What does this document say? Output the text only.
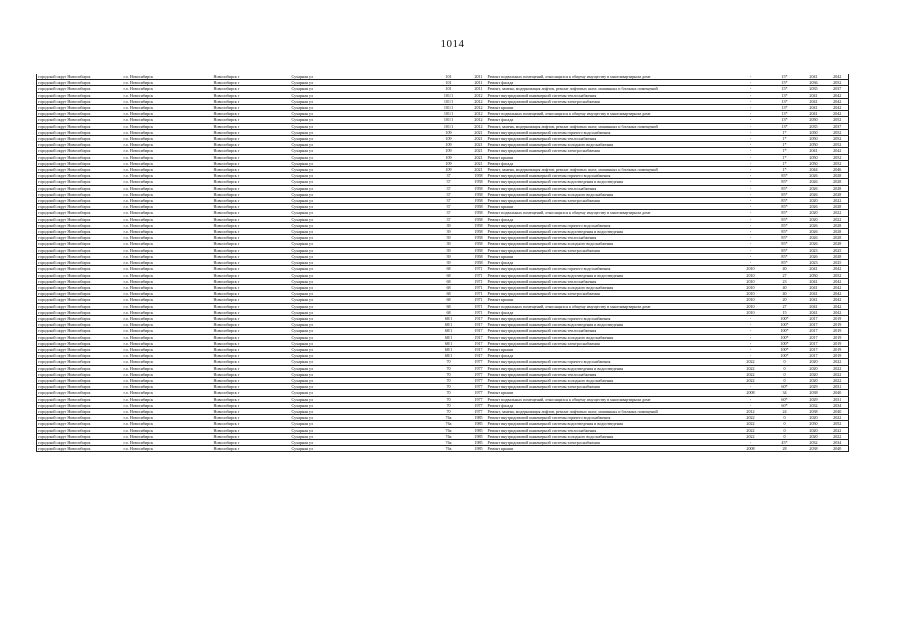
1014
городской округ Новосибирск	г.о. Новосибирск	Новосибирск г	Сухарная ул	101	2011	Ремонт подвальных помещений, относящихся к общему имуществу в многоквартирном доме	-	15*	2041	2042
городской округ Новосибирск	г.о. Новосибирск	Новосибирск г	Сухарная ул	101	2011	Ремонт фасада	-	15*	2036	2052
городской округ Новосибирск	г.о. Новосибирск	Новосибирск г	Сухарная ул	101	2011	Ремонт, замена, модернизация лифтов, ремонт лифтовых шахт, машинных и блочных помещений	-	15*	2035	2037
городской округ Новосибирск	г.о. Новосибирск	Новосибирск г	Сухарная ул	101/1	2012	Ремонт внутридомовой инженерной системы теплоснабжения	-	13*	2041	2042
городской округ Новосибирск	г.о. Новосибирск	Новосибирск г	Сухарная ул	101/1	2012	Ремонт внутридомовой инженерной системы электроснабжения	-	13*	2041	2042
городской округ Новосибирск	г.о. Новосибирск	Новосибирск г	Сухарная ул	101/1	2012	Ремонт крыши	-	13*	2041	2042
городской округ Новосибирск	г.о. Новосибирск	Новосибирск г	Сухарная ул	101/1	2012	Ремонт подвальных помещений, относящихся к общему имуществу в многоквартирном доме	-	13*	2041	2042
городской округ Новосибирск	г.о. Новосибирск	Новосибирск г	Сухарная ул	101/1	2012	Ремонт фасада	-	13*	2050	2052
городской округ Новосибирск	г.о. Новосибирск	Новосибирск г	Сухарная ул	101/1	2012	Ремонт, замена, модернизация лифтов, ремонт лифтовых шахт, машинных и блочных помещений	-	13*	2035	2037
городской округ Новосибирск	г.о. Новосибирск	Новосибирск г	Сухарная ул	109	2021	Ремонт внутридомовой инженерной системы горячего водоснабжения	-	1*	2050	2052
городской округ Новосибирск	г.о. Новосибирск	Новосибирск г	Сухарная ул	109	2021	Ремонт внутридомовой инженерной системы теплоснабжения	-	1*	2050	2052
городской округ Новосибирск	г.о. Новосибирск	Новосибирск г	Сухарная ул	109	2021	Ремонт внутридомовой инженерной системы холодного водоснабжения	-	1*	2050	2052
городской округ Новосибирск	г.о. Новосибирск	Новосибирск г	Сухарная ул	109	2021	Ремонт внутридомовой инженерной системы электроснабжения	-	1*	2041	2042
городской округ Новосибирск	г.о. Новосибирск	Новосибирск г	Сухарная ул	109	2021	Ремонт крыши	-	1*	2050	2052
городской округ Новосибирск	г.о. Новосибирск	Новосибирск г	Сухарная ул	109	2021	Ремонт фасада	-	1*	2050	2052
городской округ Новосибирск	г.о. Новосибирск	Новосибирск г	Сухарная ул	109	2021	Ремонт, замена, модернизация лифтов, ремонт лифтовых шахт, машинных и блочных помещений	-	1*	2044	2046
городской округ Новосибирск	г.о. Новосибирск	Новосибирск г	Сухарная ул	37	1958	Ремонт внутридомовой инженерной системы горячего водоснабжения	-	85*	2026	2028
городской округ Новосибирск	г.о. Новосибирск	Новосибирск г	Сухарная ул	37	1958	Ремонт внутридомовой инженерной системы водоотведения и водоотведения	-	85*	2026	2028
городской округ Новосибирск	г.о. Новосибирск	Новосибирск г	Сухарная ул	37	1958	Ремонт внутридомовой инженерной системы теплоснабжения	-	85*	2026	2028
городской округ Новосибирск	г.о. Новосибирск	Новосибирск г	Сухарная ул	37	1958	Ремонт внутридомовой инженерной системы холодного водоснабжения	-	85*	2026	2028
городской округ Новосибирск	г.о. Новосибирск	Новосибирск г	Сухарная ул	37	1958	Ремонт внутридомовой инженерной системы электроснабжения	-	85*	2020	2022
городской округ Новосибирск	г.о. Новосибирск	Новосибирск г	Сухарная ул	37	1958	Ремонт крыши	-	85*	2026	2028
городской округ Новосибирск	г.о. Новосибирск	Новосибирск г	Сухарная ул	37	1958	Ремонт подвальных помещений, относящихся к общему имуществу в многоквартирном доме	-	85*	2020	2022
городской округ Новосибирск	г.о. Новосибирск	Новосибирск г	Сухарная ул	37	1958	Ремонт фасада	-	85*	2020	2022
городской округ Новосибирск	г.о. Новосибирск	Новосибирск г	Сухарная ул	39	1958	Ремонт внутридомовой инженерной системы горячего водоснабжения	-	85*	2026	2028
городской округ Новосибирск	г.о. Новосибирск	Новосибирск г	Сухарная ул	39	1958	Ремонт внутридомовой инженерной системы водоотведения и водоотведения	-	85*	2026	2028
городской округ Новосибирск	г.о. Новосибирск	Новосибирск г	Сухарная ул	39	1958	Ремонт внутридомовой инженерной системы теплоснабжения	-	85*	2026	2028
городской округ Новосибирск	г.о. Новосибирск	Новосибирск г	Сухарная ул	39	1958	Ремонт внутридомовой инженерной системы холодного водоснабжения	-	85*	2026	2028
городской округ Новосибирск	г.о. Новосибирск	Новосибирск г	Сухарная ул	39	1958	Ремонт внутридомовой инженерной системы электроснабжения	-	85*	2023	2025
городской округ Новосибирск	г.о. Новосибирск	Новосибирск г	Сухарная ул	39	1958	Ремонт крыши	-	85*	2026	2028
городской округ Новосибирск	г.о. Новосибирск	Новосибирск г	Сухарная ул	39	1958	Ремонт фасада	-	85*	2023	2025
городской округ Новосибирск	г.о. Новосибирск	Новосибирск г	Сухарная ул	68	1971	Ремонт внутридомовой инженерной системы горячего водоснабжения	2010	40	2041	2042
городской округ Новосибирск	г.о. Новосибирск	Новосибирск г	Сухарная ул	68	1971	Ремонт внутридомовой инженерной системы водоотведения и водоотведения	2010	27	2050	2052
городской округ Новосибирск	г.о. Новосибирск	Новосибирск г	Сухарная ул	68	1971	Ремонт внутридомовой инженерной системы теплоснабжения	2010	23	2041	2042
городской округ Новосибирск	г.о. Новосибирск	Новосибирск г	Сухарная ул	68	1971	Ремонт внутридомовой инженерной системы холодного водоснабжения	2010	40	2041	2042
городской округ Новосибирск	г.о. Новосибирск	Новосибирск г	Сухарная ул	68	1971	Ремонт внутридомовой инженерной системы электроснабжения	2010	40	2041	2042
городской округ Новосибирск	г.о. Новосибирск	Новосибирск г	Сухарная ул	68	1971	Ремонт крыши	2010	20	2041	2042
городской округ Новосибирск	г.о. Новосибирск	Новосибирск г	Сухарная ул	68	1971	Ремонт подвальных помещений, относящихся к общему имуществу в многоквартирном доме	2010	27	2041	2042
городской округ Новосибирск	г.о. Новосибирск	Новосибирск г	Сухарная ул	68	1971	Ремонт фасада	2010	15	2041	2042
городской округ Новосибирск	г.о. Новосибирск	Новосибирск г	Сухарная ул	68/1	1917	Ремонт внутридомовой инженерной системы горячего водоснабжения	-	100*	2017	2019
городской округ Новосибирск	г.о. Новосибирск	Новосибирск г	Сухарная ул	68/1	1917	Ремонт внутридомовой инженерной системы водоотведения и водоотведения	-	100*	2017	2019
городской округ Новосибирск	г.о. Новосибирск	Новосибирск г	Сухарная ул	68/1	1917	Ремонт внутридомовой инженерной системы теплоснабжения	-	100*	2017	2019
городской округ Новосибирск	г.о. Новосибирск	Новосибирск г	Сухарная ул	68/1	1917	Ремонт внутридомовой инженерной системы холодного водоснабжения	-	100*	2017	2019
городской округ Новосибирск	г.о. Новосибирск	Новосибирск г	Сухарная ул	68/1	1917	Ремонт внутридомовой инженерной системы электроснабжения	-	100*	2017	2019
городской округ Новосибирск	г.о. Новосибирск	Новосибирск г	Сухарная ул	68/1	1917	Ремонт крыши	-	100*	2017	2019
городской округ Новосибирск	г.о. Новосибирск	Новосибирск г	Сухарная ул	68/1	1917	Ремонт фасада	-	100*	2017	2019
городской округ Новосибирск	г.о. Новосибирск	Новосибирск г	Сухарная ул	70	1977	Ремонт внутридомовой инженерной системы горячего водоснабжения	2022	0	2020	2022
городской округ Новосибирск	г.о. Новосибирск	Новосибирск г	Сухарная ул	70	1977	Ремонт внутридомовой инженерной системы водоотведения и водоотведения	2022	0	2020	2022
городской округ Новосибирск	г.о. Новосибирск	Новосибирск г	Сухарная ул	70	1977	Ремонт внутридомовой инженерной системы теплоснабжения	2022	0	2020	2022
городской округ Новосибирск	г.о. Новосибирск	Новосибирск г	Сухарная ул	70	1977	Ремонт внутридомовой инженерной системы холодного водоснабжения	2022	0	2020	2022
городской округ Новосибирск	г.о. Новосибирск	Новосибирск г	Сухарная ул	70	1977	Ремонт внутридомовой инженерной системы электроснабжения	-	60*	2029	2031
городской округ Новосибирск	г.о. Новосибирск	Новосибирск г	Сухарная ул	70	1977	Ремонт крыши	2008	34	2038	2040
городской округ Новосибирск	г.о. Новосибирск	Новосибирск г	Сухарная ул	70	1977	Ремонт подвальных помещений, относящихся к общему имуществу в многоквартирном доме	-	60*	2029	2031
городской округ Новосибирск	г.о. Новосибирск	Новосибирск г	Сухарная ул	70	1977	Ремонт фасада	-	60*	2032	2034
городской округ Новосибирск	г.о. Новосибирск	Новосибирск г	Сухарная ул	70	1977	Ремонт, замена, модернизация лифтов, ремонт лифтовых шахт, машинных и блочных помещений	2012	24	2038	2040
городской округ Новосибирск	г.о. Новосибирск	Новосибирск г	Сухарная ул	76а	1985	Ремонт внутридомовой инженерной системы горячего водоснабжения	2022	0	2020	2022
городской округ Новосибирск	г.о. Новосибирск	Новосибирск г	Сухарная ул	76а	1985	Ремонт внутридомовой инженерной системы водоотведения и водоотведения	2022	0	2050	2052
городской округ Новосибирск	г.о. Новосибирск	Новосибирск г	Сухарная ул	76а	1985	Ремонт внутридомовой инженерной системы теплоснабжения	2022	0	2020	2022
городской округ Новосибирск	г.о. Новосибирск	Новосибирск г	Сухарная ул	76а	1985	Ремонт внутридомовой инженерной системы холодного водоснабжения	2022	0	2020	2022
городской округ Новосибирск	г.о. Новосибирск	Новосибирск г	Сухарная ул	76а	1985	Ремонт внутридомовой инженерной системы электроснабжения	-	45*	2032	2034
городской округ Новосибирск	г.о. Новосибирск	Новосибирск г	Сухарная ул	76а	1985	Ремонт крыши	2008	28	2038	2040
